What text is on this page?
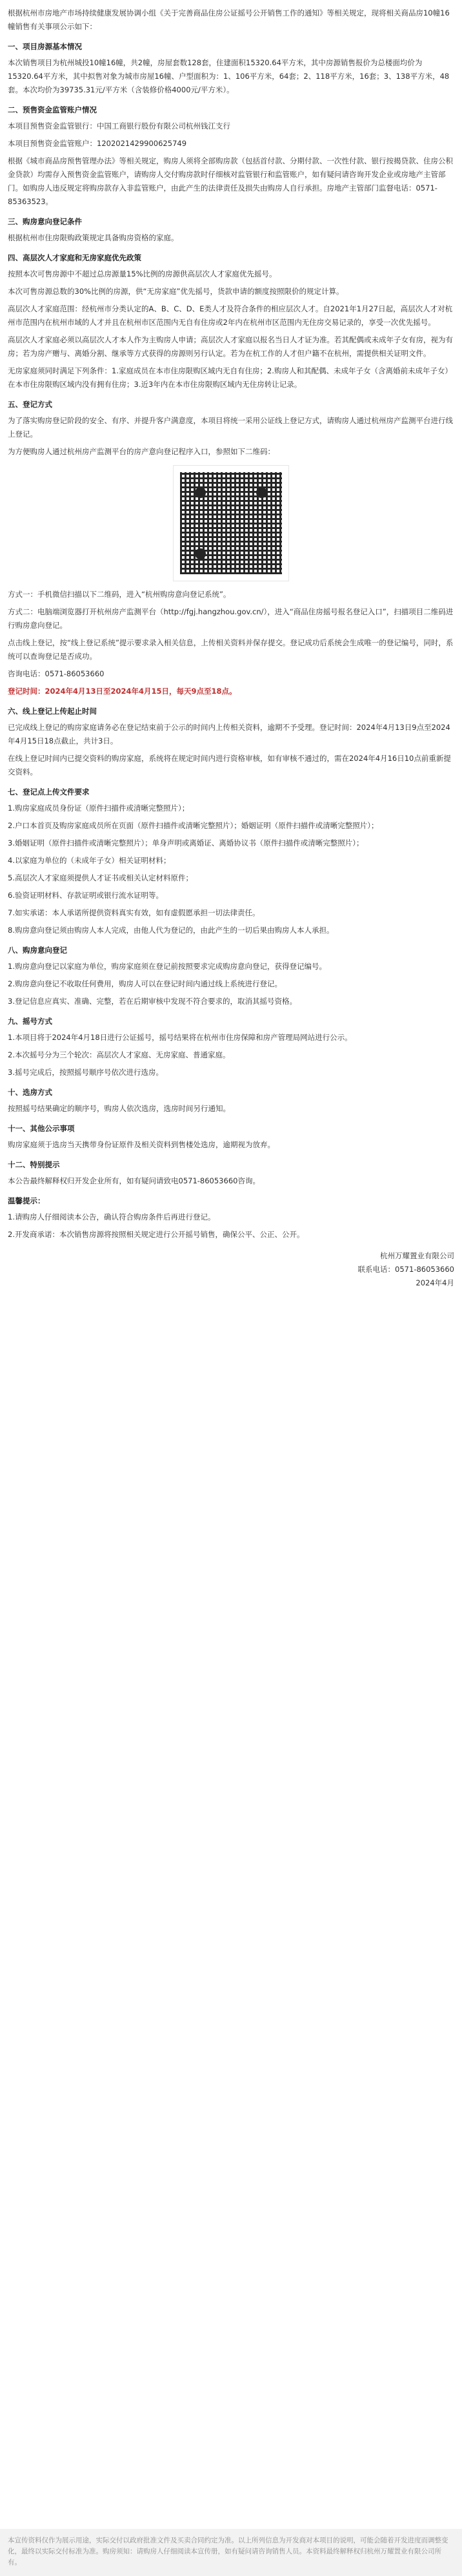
根据杭州市房地产市场持续健康发展协调小组《关于完善商品住房公证摇号公开销售工作的通知》等相关规定，现将相关商品房10幢16幢销售有关事项公示如下：

一、项目房源基本情况

本次销售项目为杭州城投10幢16幢，共2幢，房屋套数128套，住建面积15320.64平方米，其中房源销售报价为总楼面均价为15320.64平方米，其中拟售对象为城市房屋16幢、户型面积为：1、106平方米，64套；2、118平方米，16套；3、138平方米，48套。本次均价为39735.31元/平方米（含装修价格4000元/平方米）。

二、预售资金监管账户情况

本项目预售资金监管银行：中国工商银行股份有限公司杭州钱江支行

本项目预售资金监管账户：1202021429900625749

根据《城市商品房预售管理办法》等相关规定，购房人须将全部购房款（包括首付款、分期付款、一次性付款、银行按揭贷款、住房公积金贷款）均需存入预售资金监管账户，请购房人交付购房款时仔细核对监管银行和监管账户，如有疑问请咨询开发企业或房地产主管部门。如购房人违反规定将购房款存入非监管账户，由此产生的法律责任及损失由购房人自行承担。房地产主管部门监督电话：0571-85363523。

三、购房意向登记条件

根据杭州市住房限购政策规定具备购房资格的家庭。

四、高层次人才家庭和无房家庭优先政策

按照本次可售房源中不超过总房源量15%比例的房源供高层次人才家庭优先摇号。

本次可售房源总数的30%比例的房源，供“无房家庭”优先摇号，货款申请的额度按照限价的规定计算。

高层次人才家庭范围：经杭州市分类认定的A、B、C、D、E类人才及符合条件的相应层次人才。自2021年1月27日起，高层次人才对杭州市范围内在杭州市域的人才并且在杭州市区范围内无自有住房或2年内在杭州市区范围内无住房交易记录的，享受一次优先摇号。

高层次人才家庭必须以高层次人才本人作为主购房人申请；高层次人才家庭以报名当日人才证为准。若其配偶或未成年子女有房，视为有房；若为房产赠与、离婚分割、继承等方式获得的房源则另行认定。若为在杭工作的人才但户籍不在杭州，需提供相关证明文件。

无房家庭须同时满足下列条件：1.家庭成员在本市住房限购区域内无自有住房；2.购房人和其配偶、未成年子女（含离婚前未成年子女）在本市住房限购区域内没有拥有住房；3.近3年内在本市住房限购区域内无住房转让记录。

五、登记方式

为了落实购房登记阶段的安全、有序、并提升客户满意度，本项目将统一采用公证线上登记方式，请购房人通过杭州房产监测平台进行线上登记。

为方便购房人通过杭州房产监测平台的房产意向登记程序入口，参照如下二维码：

方式一：手机微信扫描以下二维码，进入“杭州购房意向登记系统”。

方式二：电脑端浏览器打开杭州房产监测平台（http://fgj.hangzhou.gov.cn/），进入“商品住房摇号报名登记入口”，扫描项目二维码进行购房意向登记。

点击线上登记，按“线上登记系统”提示要求录入相关信息，上传相关资料并保存提交。登记成功后系统会生成唯一的登记编号，同时，系统可以查询登记是否成功。

咨询电话：0571-86053660

登记时间：2024年4月13日至2024年4月15日，每天9点至18点。

六、线上登记上传起止时间

已完成线上登记的购房家庭请务必在登记结束前于公示的时间内上传相关资料，逾期不予受理。登记时间：2024年4月13日9点至2024年4月15日18点截止，共计3日。

在线上登记时间内已提交资料的购房家庭，系统将在规定时间内进行资格审核，如有审核不通过的，需在2024年4月16日10点前重新提交资料。

七、登记点上传文件要求

1.购房家庭成员身份证（原件扫描件或清晰完整照片）；

2.户口本首页及购房家庭成员所在页面（原件扫描件或清晰完整照片）；婚姻证明（原件扫描件或清晰完整照片）；

3.婚姻证明（原件扫描件或清晰完整照片）；单身声明或离婚证、离婚协议书（原件扫描件或清晰完整照片）；

4.以家庭为单位的（未成年子女）相关证明材料；

5.高层次人才家庭须提供人才证书或相关认定材料原件；

6.验资证明材料、存款证明或银行流水证明等。

7.如实承诺：本人承诺所提供资料真实有效，如有虚假愿承担一切法律责任。

8.购房意向登记须由购房人本人完成，由他人代为登记的，由此产生的一切后果由购房人本人承担。

八、购房意向登记

1.购房意向登记以家庭为单位，购房家庭须在登记前按照要求完成购房意向登记，获得登记编号。

2.购房意向登记不收取任何费用，购房人可以在登记时间内通过线上系统进行登记。

3.登记信息应真实、准确、完整，若在后期审核中发现不符合要求的，取消其摇号资格。

九、摇号方式

1.本项目将于2024年4月18日进行公证摇号，摇号结果将在杭州市住房保障和房产管理局网站进行公示。

2.本次摇号分为三个轮次：高层次人才家庭、无房家庭、普通家庭。

3.摇号完成后，按照摇号顺序号依次进行选房。

十、选房方式

按照摇号结果确定的顺序号，购房人依次选房，选房时间另行通知。

十一、其他公示事项

购房家庭须于选房当天携带身份证原件及相关资料到售楼处选房，逾期视为放弃。

十二、特别提示

本公告最终解释权归开发企业所有，如有疑问请致电0571-86053660咨询。

温馨提示：

1.请购房人仔细阅读本公告，确认符合购房条件后再进行登记。

2.开发商承诺：本次销售房源将按照相关规定进行公开摇号销售，确保公平、公正、公开。

杭州万耀置业有限公司
联系电话：0571-86053660
2024年4月
本宣传资料仅作为展示用途，实际交付以政府批准文件及买卖合同约定为准。以上所列信息为开发商对本项目的说明，可能会随着开发进度而调整变化，最终以实际交付标准为准。购房须知：请购房人仔细阅读本宣传册，如有疑问请咨询销售人员。本资料最终解释权归杭州万耀置业有限公司所有。
